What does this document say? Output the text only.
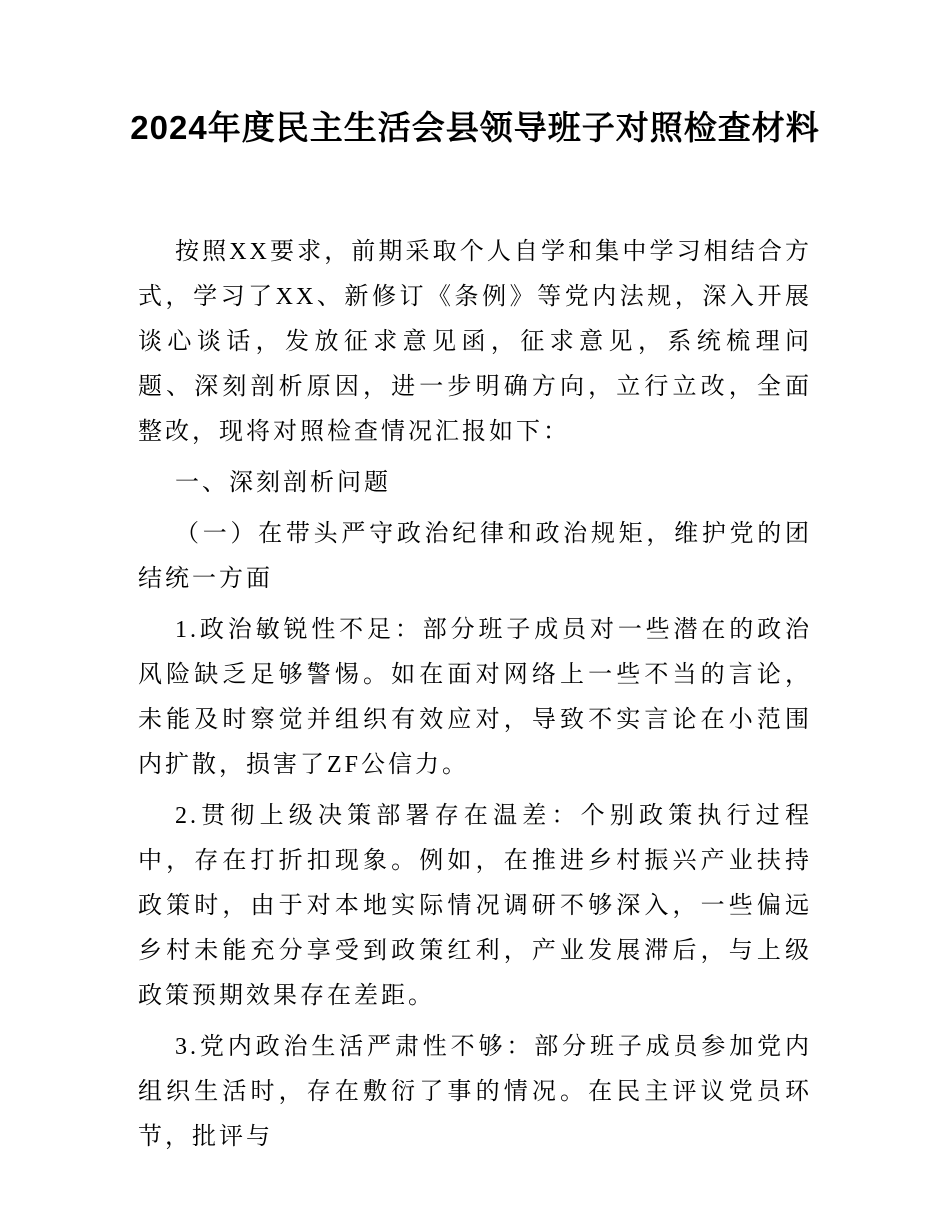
2024年度民主生活会县领导班子对照检查材料

按照XX要求，前期采取个人自学和集中学习相结合方式，学习了XX、新修订《条例》等党内法规，深入开展谈心谈话，发放征求意见函，征求意见，系统梳理问题、深刻剖析原因，进一步明确方向，立行立改，全面整改，现将对照检查情况汇报如下：

一、深刻剖析问题

（一）在带头严守政治纪律和政治规矩，维护党的团结统一方面

1.政治敏锐性不足：部分班子成员对一些潜在的政治风险缺乏足够警惕。如在面对网络上一些不当的言论，未能及时察觉并组织有效应对，导致不实言论在小范围内扩散，损害了ZF公信力。

2.贯彻上级决策部署存在温差：个别政策执行过程中，存在打折扣现象。例如，在推进乡村振兴产业扶持政策时，由于对本地实际情况调研不够深入，一些偏远乡村未能充分享受到政策红利，产业发展滞后，与上级政策预期效果存在差距。

3.党内政治生活严肃性不够：部分班子成员参加党内组织生活时，存在敷衍了事的情况。在民主评议党员环节，批评与
